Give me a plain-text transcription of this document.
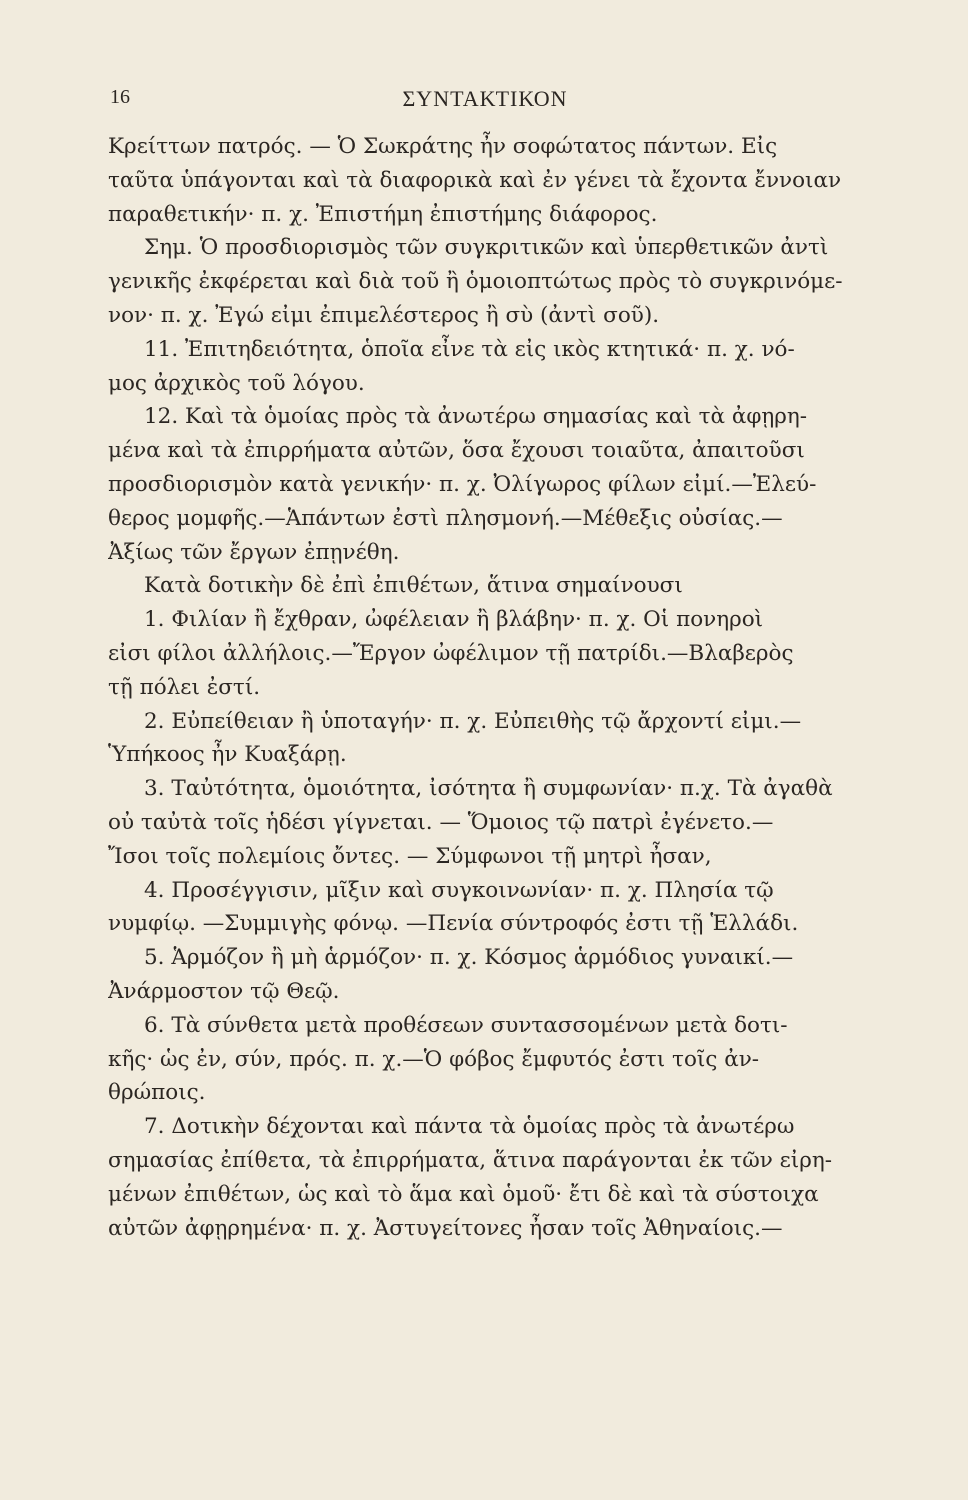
16	ΣΥΝΤΑΚΤΙΚΟΝ
Κρείττων πατρός. — Ὁ Σωκράτης ἦν σοφώτατος πάντων. Εἰς
ταῦτα ὑπάγονται καὶ τὰ διαφορικὰ καὶ ἐν γένει τὰ ἔχοντα ἔννοιαν
παραθετικήν· π. χ. Ἐπιστήμη ἐπιστήμης διάφορος.
Σημ. Ὁ προσδιορισμὸς τῶν συγκριτικῶν καὶ ὑπερθετικῶν ἀντὶ
γενικῆς ἐκφέρεται καὶ διὰ τοῦ ἢ ὁμοιοπτώτως πρὸς τὸ συγκρινόμε-
νον· π. χ. Ἐγώ εἰμι ἐπιμελέστερος ἢ σὺ (ἀντὶ σοῦ).
11. Ἐπιτηδειότητα, ὁποῖα εἶνε τὰ εἰς ικὸς κτητικά· π. χ. νό-
μος ἀρχικὸς τοῦ λόγου.
12. Καὶ τὰ ὁμοίας πρὸς τὰ ἀνωτέρω σημασίας καὶ τὰ ἀφῃρη-
μένα καὶ τὰ ἐπιρρήματα αὐτῶν, ὅσα ἔχουσι τοιαῦτα, ἀπαιτοῦσι
προσδιορισμὸν κατὰ γενικήν· π. χ. Ὀλίγωρος φίλων εἰμί.—Ἐλεύ-
θερος μομφῆς.—Ἁπάντων ἐστὶ πλησμονή.—Μέθεξις οὐσίας.—
Ἀξίως τῶν ἔργων ἐπῃνέθη.
Κατὰ δοτικὴν δὲ ἐπὶ ἐπιθέτων, ἅτινα σημαίνουσι
1. Φιλίαν ἢ ἔχθραν, ὠφέλειαν ἢ βλάβην· π. χ. Οἱ πονηροὶ
εἰσι φίλοι ἀλλήλοις.—Ἔργον ὠφέλιμον τῇ πατρίδι.—Βλαβερὸς
τῇ πόλει ἐστί.
2. Εὐπείθειαν ἢ ὑποταγήν· π. χ. Εὐπειθὴς τῷ ἄρχοντί εἰμι.—
Ὑπήκοος ἦν Κυαξάρῃ.
3. Ταὐτότητα, ὁμοιότητα, ἰσότητα ἢ συμφωνίαν· π.χ. Τὰ ἀγαθὰ
οὐ ταὐτὰ τοῖς ἡδέσι γίγνεται. — Ὅμοιος τῷ πατρὶ ἐγένετο.—
Ἴσοι τοῖς πολεμίοις ὄντες. — Σύμφωνοι τῇ μητρὶ ἦσαν,
4. Προσέγγισιν, μῖξιν καὶ συγκοινωνίαν· π. χ. Πλησία τῷ
νυμφίῳ. —Συμμιγὴς φόνῳ. —Πενία σύντροφός ἐστι τῇ Ἑλλάδι.
5. Ἁρμόζον ἢ μὴ ἁρμόζον· π. χ. Κόσμος ἁρμόδιος γυναικί.—
Ἀνάρμοστον τῷ Θεῷ.
6. Τὰ σύνθετα μετὰ προθέσεων συντασσομένων μετὰ δοτι-
κῆς· ὡς ἐν, σύν, πρός. π. χ.—Ὁ φόβος ἔμφυτός ἐστι τοῖς ἀν-
θρώποις.
7. Δοτικὴν δέχονται καὶ πάντα τὰ ὁμοίας πρὸς τὰ ἀνωτέρω
σημασίας ἐπίθετα, τὰ ἐπιρρήματα, ἅτινα παράγονται ἐκ τῶν εἰρη-
μένων ἐπιθέτων, ὡς καὶ τὸ ἅμα καὶ ὁμοῦ· ἔτι δὲ καὶ τὰ σύστοιχα
αὐτῶν ἀφῃρημένα· π. χ. Ἀστυγείτονες ἦσαν τοῖς Ἀθηναίοις.—
